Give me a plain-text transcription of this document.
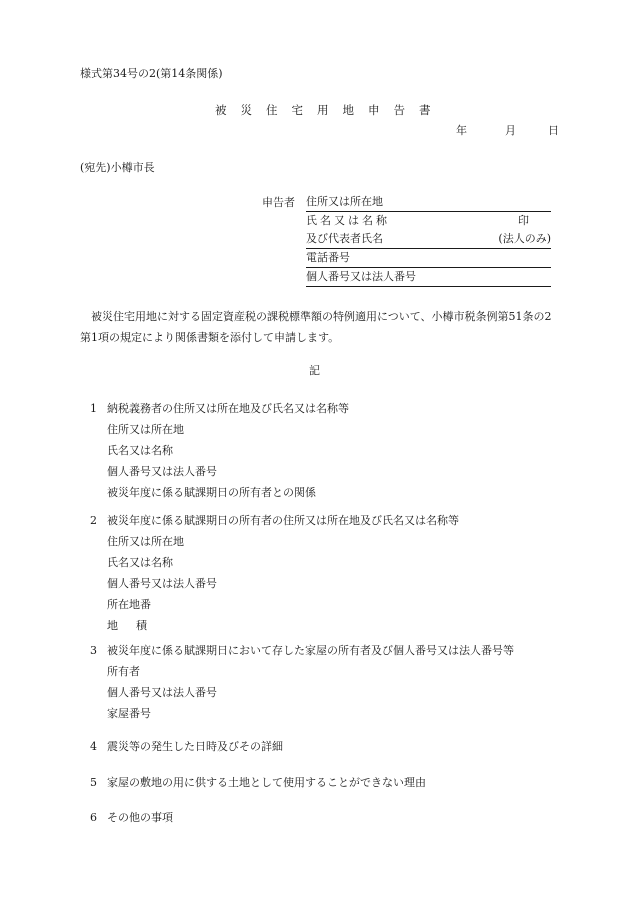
様式第34号の2(第14条関係)
被災住宅用地申告書
年	月	日
(宛先)小樽市長
申告者 住所又は所在地
氏名又は名称	印
及び代表者氏名	(法人のみ)
電話番号
個人番号又は法人番号
被災住宅用地に対する固定資産税の課税標準額の特例適用について、小樽市税条例第51条の2第1項の規定により関係書類を添付して申請します。
記
1 納税義務者の住所又は所在地及び氏名又は名称等
住所又は所在地
氏名又は名称
個人番号又は法人番号
被災年度に係る賦課期日の所有者との関係
2 被災年度に係る賦課期日の所有者の住所又は所在地及び氏名又は名称等
住所又は所在地
氏名又は名称
個人番号又は法人番号
所在地番
地積
3 被災年度に係る賦課期日において存した家屋の所有者及び個人番号又は法人番号等
所有者
個人番号又は法人番号
家屋番号
4 震災等の発生した日時及びその詳細
5 家屋の敷地の用に供する土地として使用することができない理由
6 その他の事項
